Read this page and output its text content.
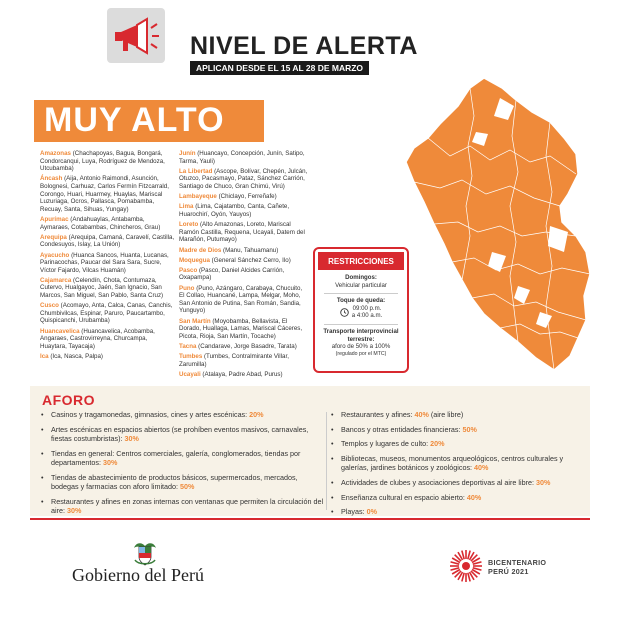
NIVEL DE ALERTA
APLICAN DESDE EL 15 AL 28 DE MARZO
MUY ALTO

Amazonas (Chachapoyas, Bagua, Bongará, Condorcanqui, Luya, Rodríguez de Mendoza, Utcubamba)

Áncash (Aija, Antonio Raimondi, Asunción, Bolognesi, Carhuaz, Carlos Fermín Fitzcarrald, Corongo, Huari, Huarmey, Huaylas, Mariscal Luzuriaga, Ocros, Pallasca, Pomabamba, Recuay, Santa, Sihuas, Yungay)

Apurímac (Andahuaylas, Antabamba, Aymaraes, Cotabambas, Chincheros, Grau)

Arequipa (Arequipa, Camaná, Caravelí, Castilla, Condesuyos, Islay, La Unión)

Ayacucho (Huanca Sancos, Huanta, Lucanas, Parinacochas, Paucar del Sara Sara, Sucre, Víctor Fajardo, Vilcas Huamán)

Cajamarca (Celendín, Chota, Contumaza, Cutervo, Hualgayoc, Jaén, San Ignacio, San Marcos, San Miguel, San Pablo, Santa Cruz)

Cusco (Acomayo, Anta, Calca, Canas, Canchis, Chumbivilcas, Espinar, Paruro, Paucartambo, Quispicanchi, Urubamba)

Huancavelica (Huancavelica, Acobamba, Angaraes, Castrovirreyna, Churcampa, Huaytara, Tayacaja)

Ica (Ica, Nasca, Palpa)

Junín (Huancayo, Concepción, Junín, Satipo, Tarma, Yauli)

La Libertad (Ascope, Bolívar, Chepén, Julcán, Otuzco, Pacasmayo, Pataz, Sánchez Carrión, Santiago de Chuco, Gran Chimú, Virú)

Lambayeque (Chiclayo, Ferreñafe)

Lima (Lima, Cajatambo, Canta, Cañete, Huarochirí, Oyón, Yauyos)

Loreto (Alto Amazonas, Loreto, Mariscal Ramón Castilla, Requena, Ucayali, Datem del Marañón, Putumayo)

Madre de Dios (Manu, Tahuamanu)

Moquegua (General Sánchez Cerro, Ilo)

Pasco (Pasco, Daniel Alcides Carrión, Oxapampa)

Puno (Puno, Azángaro, Carabaya, Chucuito, El Collao, Huancané, Lampa, Melgar, Moho, San Antonio de Putina, San Román, Sandia, Yunguyo)

San Martín (Moyobamba, Bellavista, El Dorado, Huallaga, Lamas, Mariscal Cáceres, Picota, Rioja, San Martín, Tocache)

Tacna (Candarave, Jorge Basadre, Tarata)

Tumbes (Tumbes, Contralmirante Villar, Zarumilla)

Ucayali (Atalaya, Padre Abad, Purus)

RESTRICCIONES
Domingos:
Vehicular particular
Toque de queda:
09:00 p.m.
a 4:00 a.m.
Transporte interprovincial terrestre:
aforo de 50% a 100%
(regulado por el MTC)
AFORO
• Casinos y tragamonedas, gimnasios, cines y artes escénicas: 20%
• Artes escénicas en espacios abiertos (se prohíben eventos masivos, carnavales, fiestas costumbristas): 30%
• Tiendas en general: Centros comerciales, galería, conglomerados, tiendas por departamentos: 30%
• Tiendas de abastecimiento de productos básicos, supermercados, mercados, bodegas y farmacias con aforo limitado: 50%
• Restaurantes y afines en zonas internas con ventanas que permiten la circulación del aire: 30%
• Restaurantes y afines: 40% (aire libre)
• Bancos y otras entidades financieras: 50%
• Templos y lugares de culto: 20%
• Bibliotecas, museos, monumentos arqueológicos, centros culturales y galerías, jardines botánicos y zoológicos: 40%
• Actividades de clubes y asociaciones deportivas al aire libre: 30%
• Enseñanza cultural en espacio abierto: 40%
• Playas: 0%
Gobierno del Perú
BICENTENARIO
PERÚ 2021
